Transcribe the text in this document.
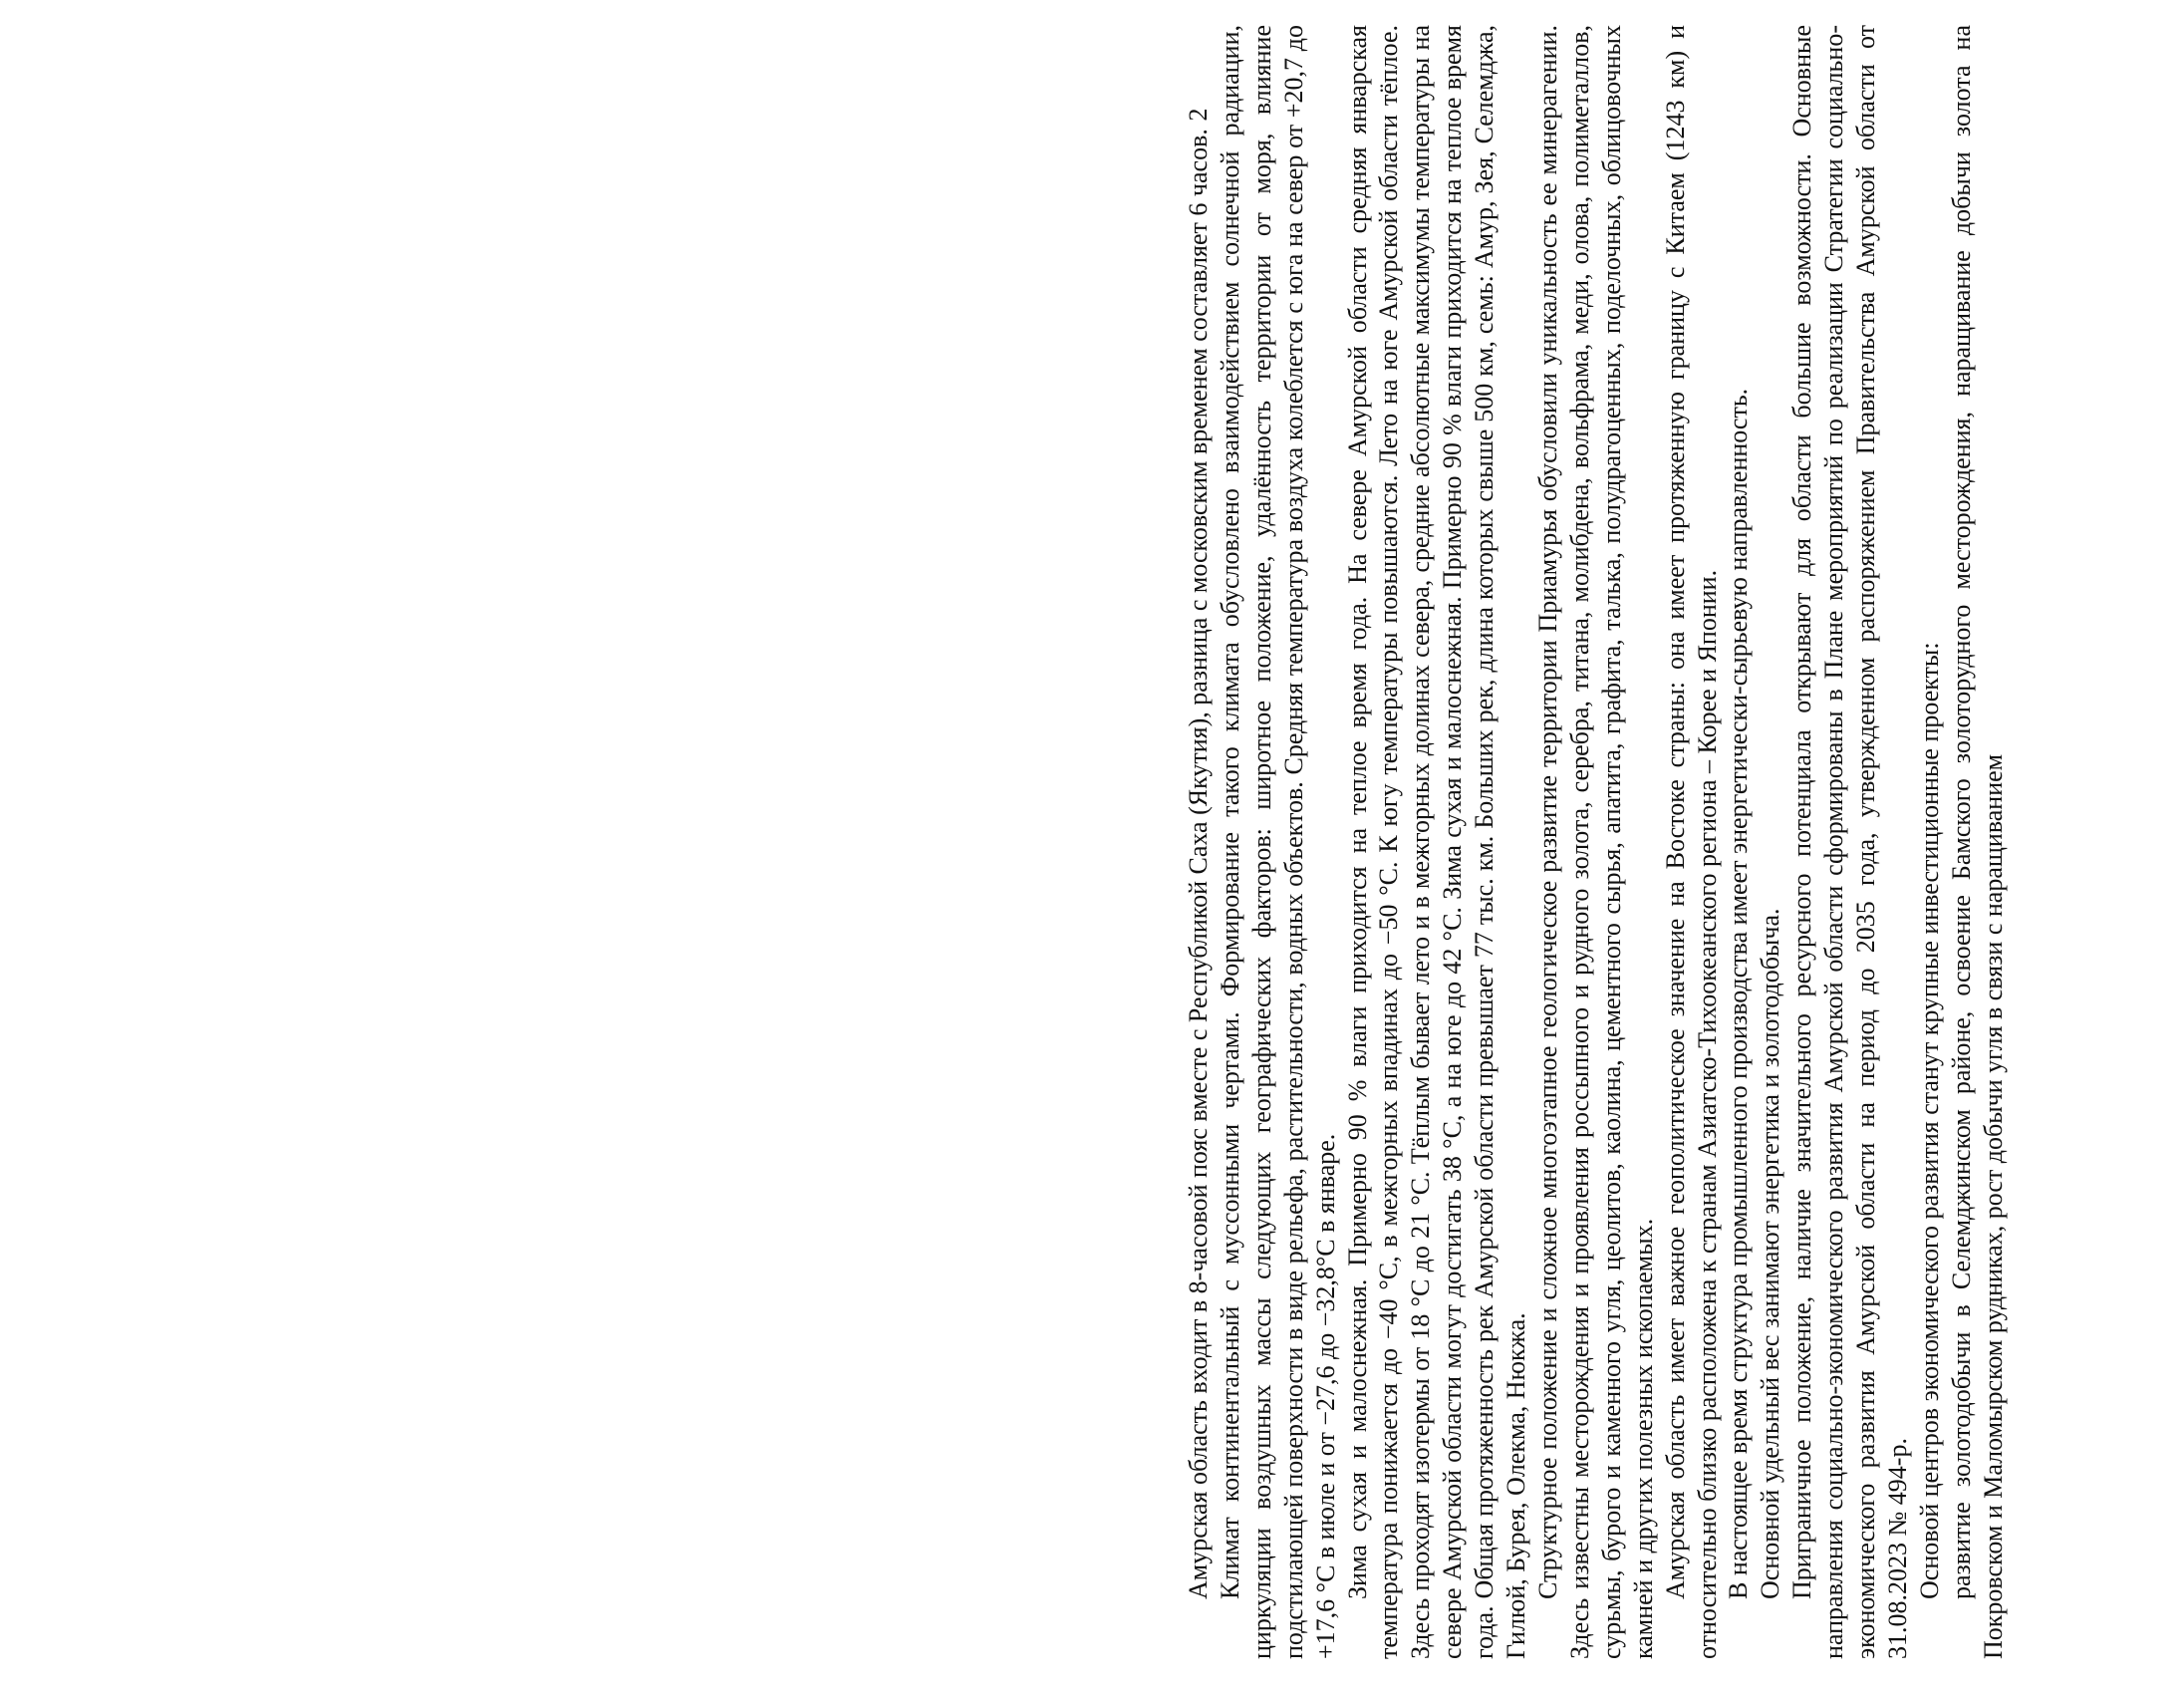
2

Амурская область входит в 8-часовой пояс вместе с Республикой Саха (Якутия), разница с московским временем составляет 6 часов. Климат континентальный с муссонными чертами. Формирование такого климата обусловлено взаимодействием солнечной радиации, циркуляции воздушных массы следующих географических факторов: широтное положение, удалённость территории от моря, влияние подстилающей поверхности в виде рельефа, растительности, водных объектов. Средняя температура воздуха колеблется с юга на север от +20,7 до +17,6 °С в июле и от −27,6 до −32,8°С в январе. Зима сухая и малоснежная. Примерно 90 % влаги приходится на теплое время года. На севере Амурской области средняя январская температура понижается до −40 °С, в межгорных впадинах до −50 °С. К югу температуры повышаются. Лето на юге Амурской области тёплое. Здесь проходят изотермы от 18 °С до 21 °С. Тёплым бывает лето и в межгорных долинах севера, средние абсолютные максимумы температуры на севере Амурской области могут достигать 38 °С, а на юге до 42 °С. Зима сухая и малоснежная. Примерно 90 % влаги приходится на теплое время года. Общая протяженность рек Амурской области превышает 77 тыс. км. Больших рек, длина которых свыше 500 км, семь: Амур, Зея, Селемджа, Гилюй, Бурея, Олекма, Нюкжа. Структурное положение и сложное многоэтапное геологическое развитие территории Приамурья обусловили уникальность ее минерагении. Здесь известны месторождения и проявления россыпного и рудного золота, серебра, титана, молибдена, вольфрама, меди, олова, полиметаллов, сурьмы, бурого и каменного угля, цеолитов, каолина, цементного сырья, апатита, графита, талька, полудрагоценных, поделочных, облицовочных камней и других полезных ископаемых. Амурская область имеет важное геополитическое значение на Востоке страны: она имеет протяженную границу с Китаем (1243 км) и относительно близко расположена к странам Азиатско-Тихоокеанского региона – Корее и Японии. В настоящее время структура промышленного производства имеет энергетически-сырьевую направленность. Основной удельный вес занимают энергетика и золотодобыча. Приграничное положение, наличие значительного ресурсного потенциала открывают для области большие возможности. Основные направления социально-экономического развития Амурской области сформированы в Плане мероприятий по реализации Стратегии социально-экономического развития Амурской области на период до 2035 года, утвержденном распоряжением Правительства Амурской области от 31.08.2023 № 494-р. Основой центров экономического развития станут крупные инвестиционные проекты: развитие золотодобычи в Селемджинском районе, освоение Бамского золоторудного месторождения, наращивание добычи золота на Покровском и Маломырском рудниках, рост добычи угля в связи с наращиванием
